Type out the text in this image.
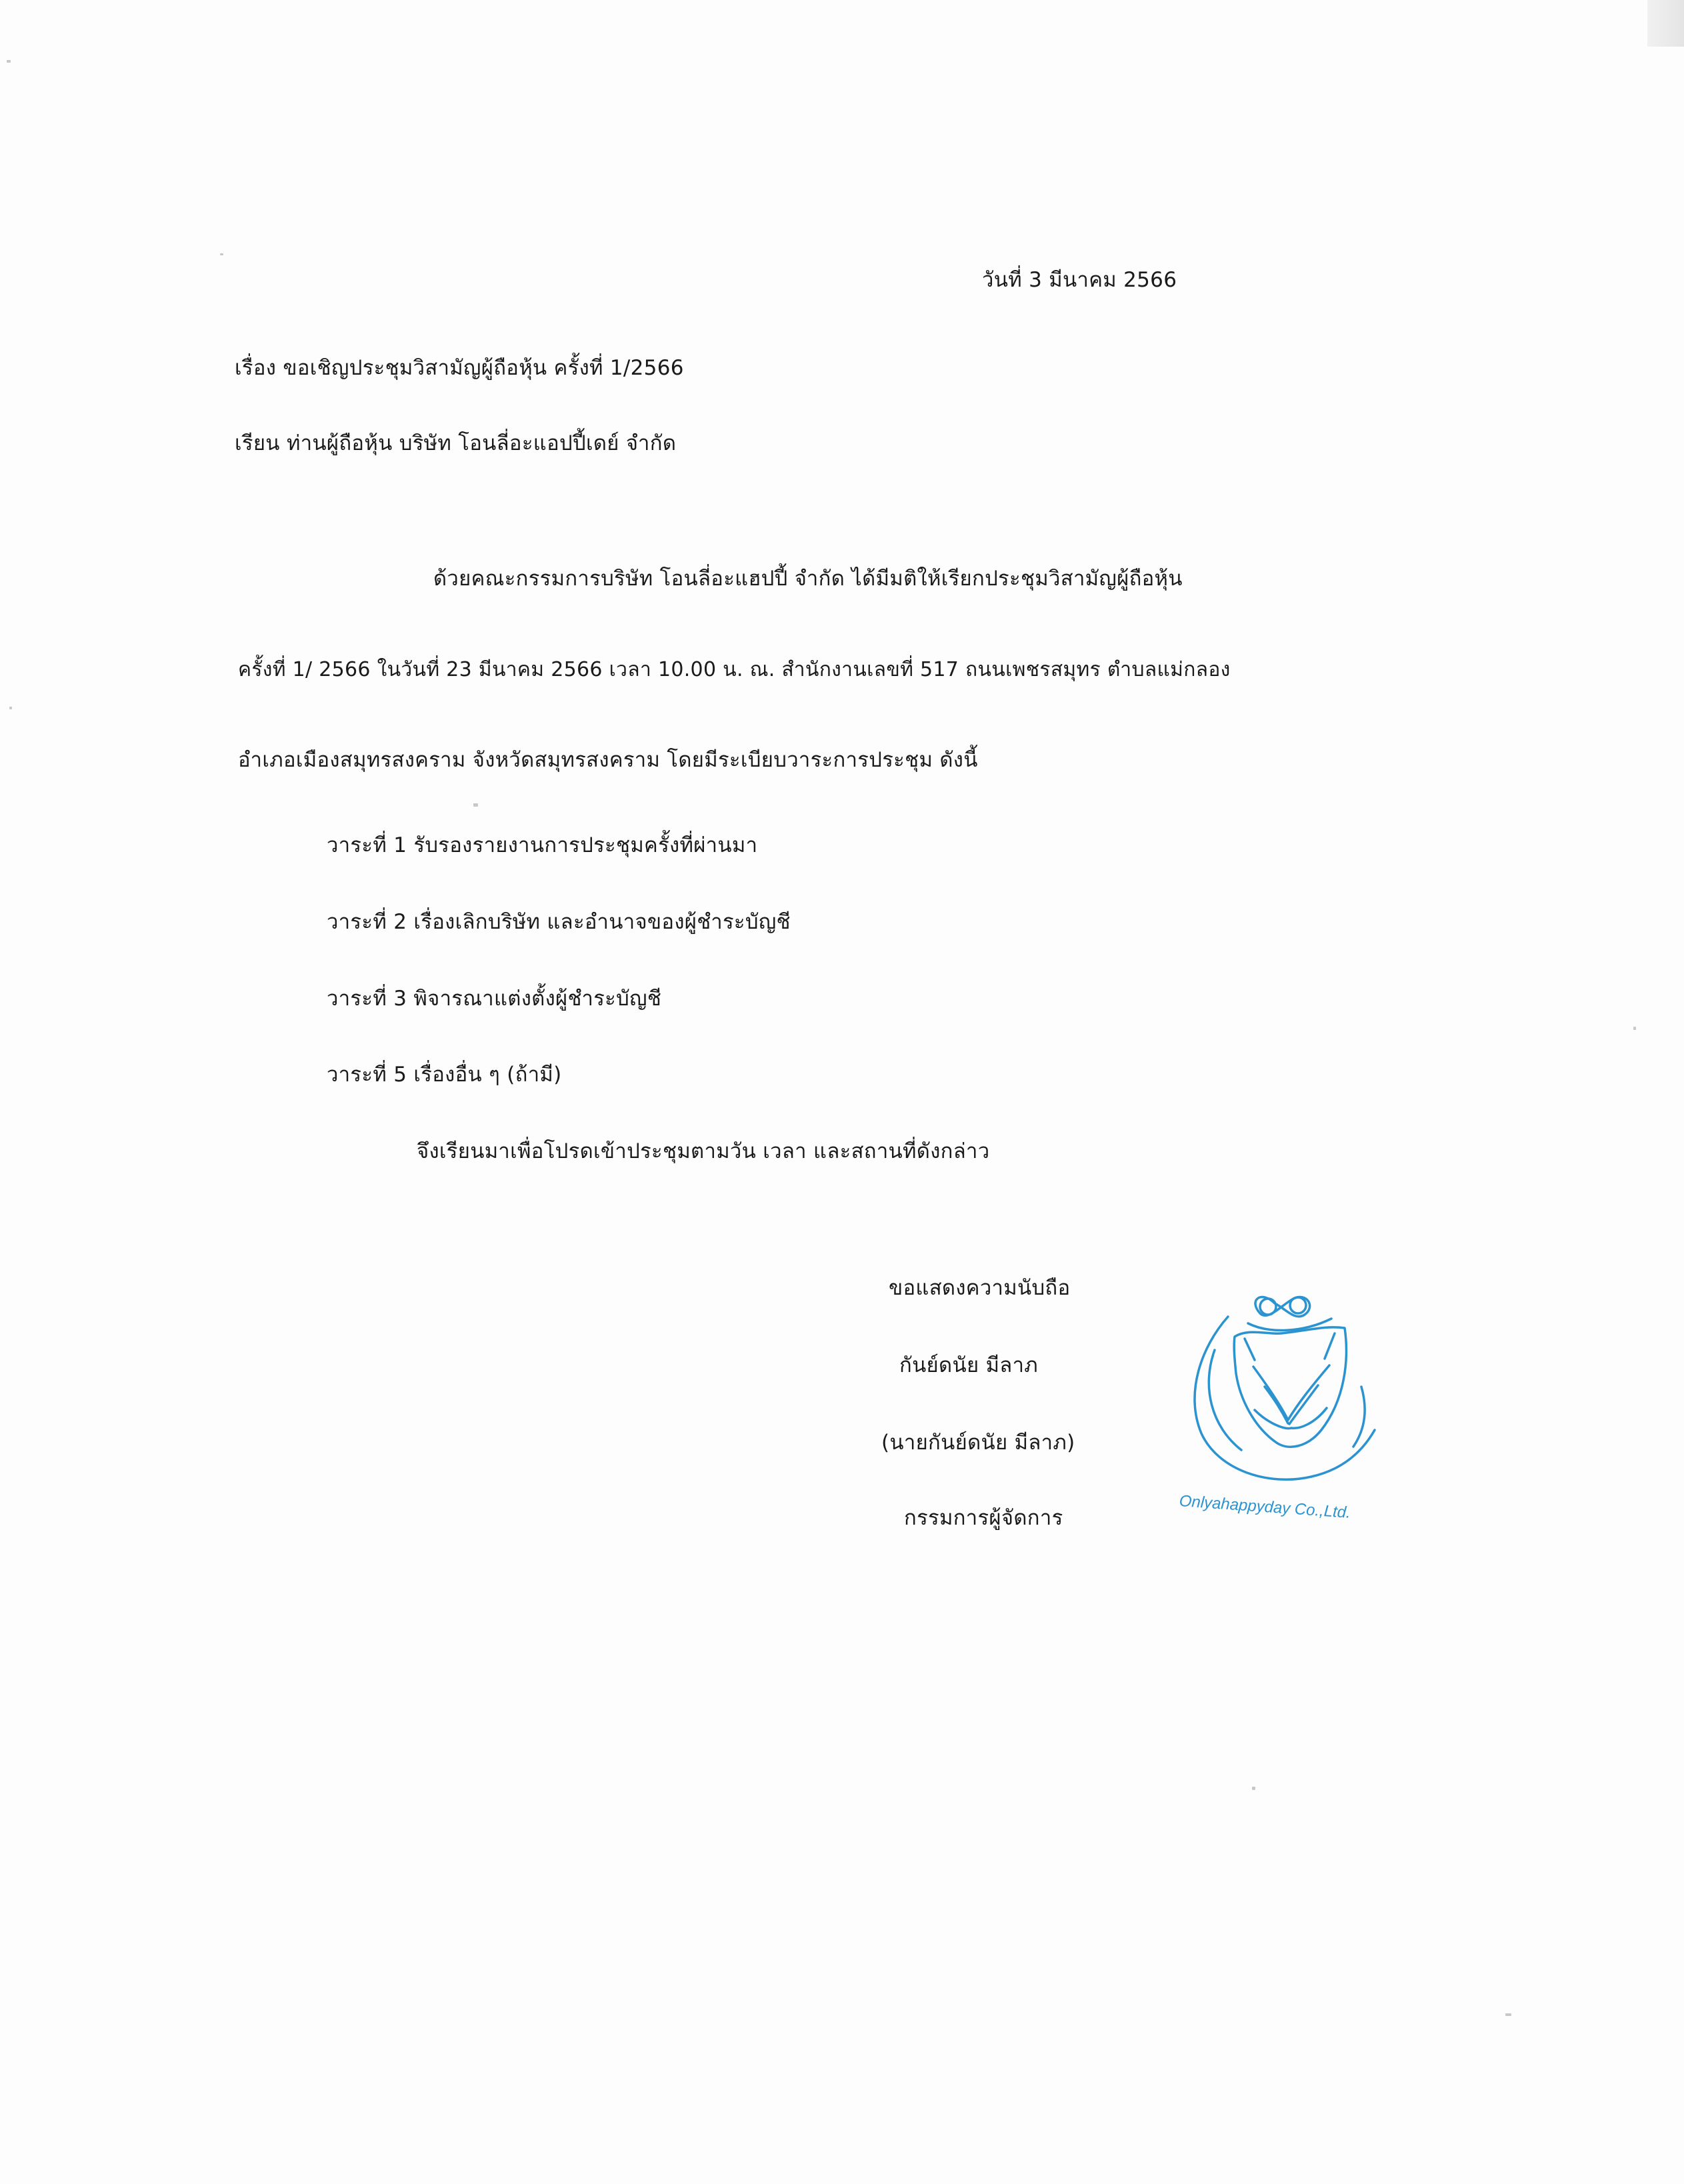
วันที่ 3 มีนาคม 2566
เรื่อง ขอเชิญประชุมวิสามัญผู้ถือหุ้น ครั้งที่ 1/2566
เรียน ท่านผู้ถือหุ้น บริษัท โอนลี่อะแอปปี้เดย์ จำกัด
ด้วยคณะกรรมการบริษัท โอนลี่อะแฮปปี้ จำกัด ได้มีมติให้เรียกประชุมวิสามัญผู้ถือหุ้น
ครั้งที่ 1/ 2566 ในวันที่ 23 มีนาคม 2566 เวลา 10.00 น. ณ. สำนักงานเลขที่ 517 ถนนเพชรสมุทร ตำบลแม่กลอง
อำเภอเมืองสมุทรสงคราม จังหวัดสมุทรสงคราม โดยมีระเบียบวาระการประชุม ดังนี้
วาระที่ 1 รับรองรายงานการประชุมครั้งที่ผ่านมา
วาระที่ 2 เรื่องเลิกบริษัท และอำนาจของผู้ชำระบัญชี
วาระที่ 3 พิจารณาแต่งตั้งผู้ชำระบัญชี
วาระที่ 5 เรื่องอื่น ๆ (ถ้ามี)
จึงเรียนมาเพื่อโปรดเข้าประชุมตามวัน เวลา และสถานที่ดังกล่าว
ขอแสดงความนับถือ
กันย์ดนัย มีลาภ
(นายกันย์ดนัย มีลาภ)
กรรมการผู้จัดการ	Onlyahappyday Co.,Ltd.
